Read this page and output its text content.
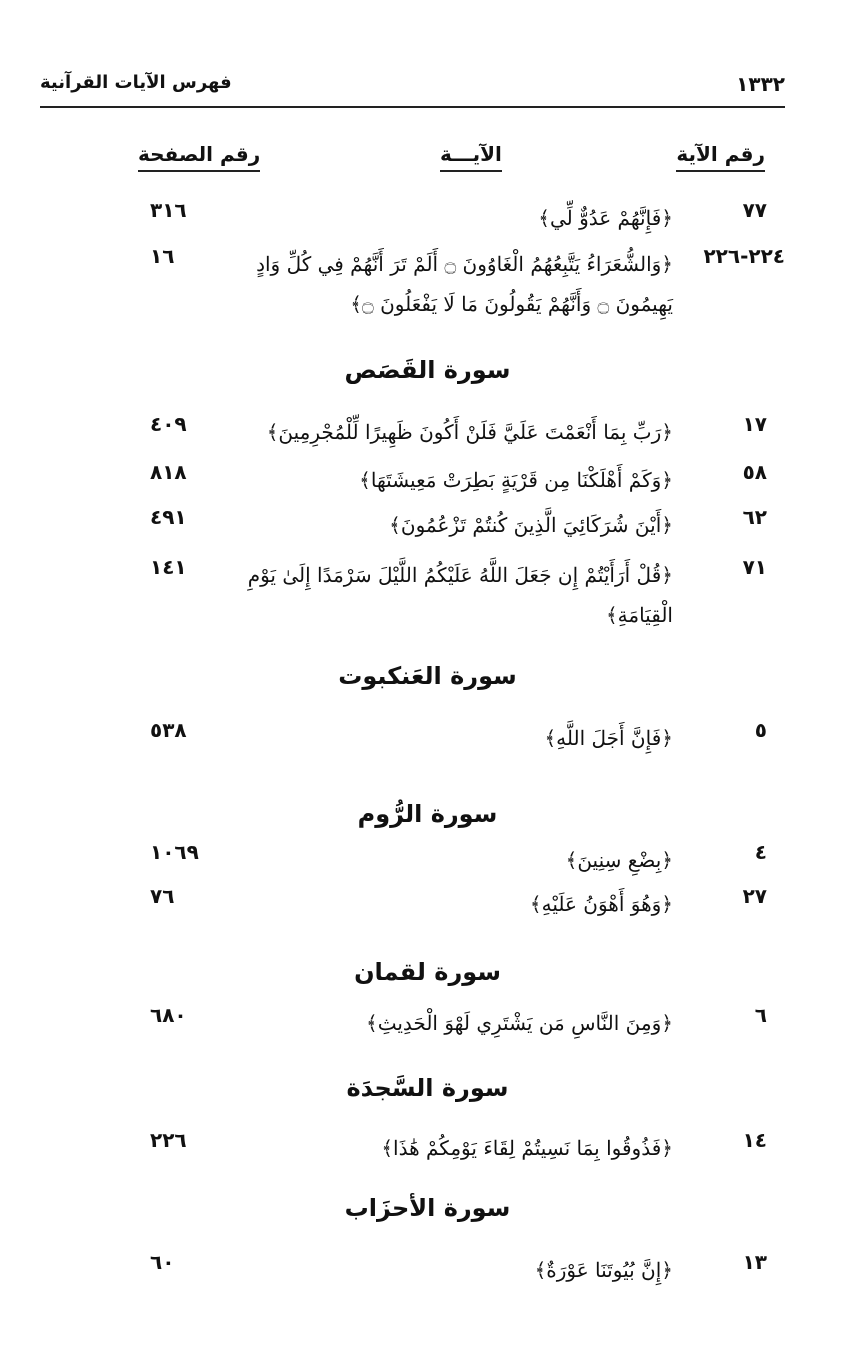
١٣٣٢
فهرس الآيات القرآنية
رقم الآية
الآيـــة
رقم الصفحة
٧٧
﴿فَإِنَّهُمْ عَدُوٌّ لِّي﴾
٣١٦
٢٢٤-٢٢٦
﴿وَالشُّعَرَاءُ يَتَّبِعُهُمُ الْغَاوُونَ ۝ أَلَمْ تَرَ أَنَّهُمْ فِي كُلِّ وَادٍ يَهِيمُونَ ۝ وَأَنَّهُمْ يَقُولُونَ مَا لَا يَفْعَلُونَ ۝﴾
١٦
سورة القَصَص
١٧
﴿رَبِّ بِمَا أَنْعَمْتَ عَلَيَّ فَلَنْ أَكُونَ ظَهِيرًا لِّلْمُجْرِمِينَ﴾
٤٠٩
٥٨
﴿وَكَمْ أَهْلَكْنَا مِن قَرْيَةٍ بَطِرَتْ مَعِيشَتَهَا﴾
٨١٨
٦٢
﴿أَيْنَ شُرَكَائِيَ الَّذِينَ كُنتُمْ تَزْعُمُونَ﴾
٤٩١
٧١
﴿قُلْ أَرَأَيْتُمْ إِن جَعَلَ اللَّهُ عَلَيْكُمُ اللَّيْلَ سَرْمَدًا إِلَىٰ يَوْمِ الْقِيَامَةِ﴾
١٤١
سورة العَنكبوت
٥
﴿فَإِنَّ أَجَلَ اللَّهِ﴾
٥٣٨
سورة الرُّوم
٤
﴿بِضْعِ سِنِينَ﴾
١٠٦٩
٢٧
﴿وَهُوَ أَهْوَنُ عَلَيْهِ﴾
٧٦
سورة لقمان
٦
﴿وَمِنَ النَّاسِ مَن يَشْتَرِي لَهْوَ الْحَدِيثِ﴾
٦٨٠
سورة السَّجدَة
١٤
﴿فَذُوقُوا بِمَا نَسِيتُمْ لِقَاءَ يَوْمِكُمْ هَٰذَا﴾
٢٢٦
سورة الأحزَاب
١٣
﴿إِنَّ بُيُوتَنَا عَوْرَةٌ﴾
٦٠
